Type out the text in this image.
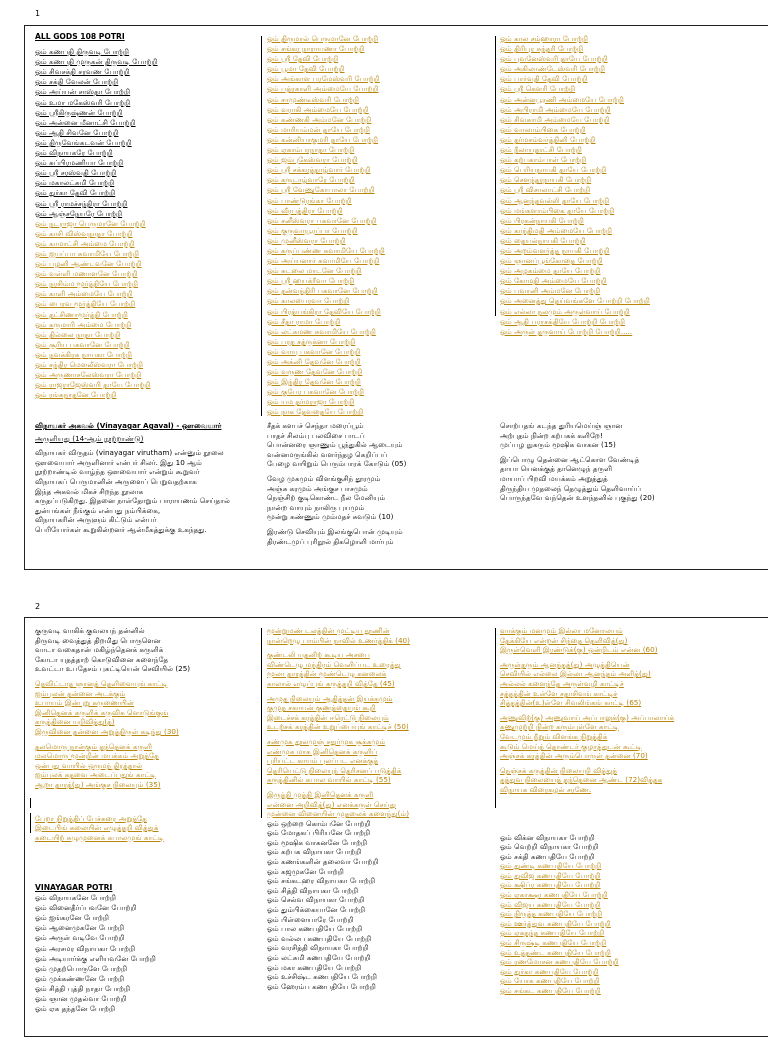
1
ALL GODS 108 POTRI
ஓம் கணபதி திருவடி போற்றி
ஓம் கணபதி முருகன் திருவடி போற்றி
ஓம் சிவசக்தி சரவண போற்றி
ஓம் சக்தி வேலன் போற்றி
ஓம் அய்யன் சாஸ்தா போற்றி
ஓம் உமா மகேஸ்வரி போற்றி
ஓம் ஸ்ரீகிருஷ்ணன் போற்றி
ஓம் அன்னை மீனாட்சி போற்றி
ஓம் ஆதி சிவனே போற்றி
ஓம் திருவேங்கடவன் போற்றி
ஓம் விநாயகரே போற்றி
ஓம் சுப்பிரமணியா போற்றி
ஓம் ஸ்ரீ சரஸ்வதி போற்றி
ஓம் மகாலட்சுமி போற்றி
ஓம் துர்கா தேவி போற்றி
ஓம் ஸ்ரீ ராமச்சந்திரா போற்றி
ஓம் ஆஞ்சநேயரே போற்றி
ஓம் நடராஜா பெருமானே போற்றி
ஓம் காசி விஸ்வநாதா போற்றி
ஓம் காமாட்சி அம்மை போற்றி
ஓம் ஐயப்பா சுவாமியே போற்றி
ஓம் பழனி ஆண்டவனே போற்றி
ஓம் வள்ளி மணாளனே போற்றி
ஓம் நரசிம்ம மூர்த்தியே போற்றி
ஓம் காளி அம்மையே போற்றி
ஓம் பைரவ மூர்த்தியே போற்றி
ஓம் தட்சிணாமூர்த்தி போற்றி
ஓம் கருமாரி அம்மை போற்றி
ஓம் தில்லை நாதா போற்றி
ஓம் சூரிய பகவானே போற்றி
ஓம் நவக்கிரக நாயகா போற்றி
ஓம் சந்திர மௌலீஸ்வரா போற்றி
ஓம் அருணாசலேஸ்வரா போற்றி
ஓம் ராஜராஜேஸ்வரி தாயே போற்றி
ஓம் ரங்கநாதனே போற்றி
ஓம் திருமால் பெருமானே போற்றி
ஓம் சங்கர நாராயணா போற்றி
ஓம் ஸ்ரீ தேவி போற்றி
ஓம் பூமா தேவி போற்றி
ஓம் அங்காள பரமேஸ்வரி போற்றி
ஓம் பத்ரகாளி அம்மையே போற்றி
ஓம் சாமுண்டீஸ்வரி போற்றி
ஓம் வராகி அம்மையே போற்றி
ஓம் கண்ணகி அம்மனே போற்றி
ஓம் மாரியம்மன் தாயே போற்றி
ஓம் கன்னியாகுமரி தாயே போற்றி
ஓம் ஏகாம்பரநாதா போற்றி
ஓம் ஜம்புகேஸ்வரா போற்றி
ஓம் ஸ்ரீ சக்கரத்தாழ்வார் போற்றி
ஓம் கருடாழ்வாரே போற்றி
ஓம் ஸ்ரீ வேணுகோபாலா போற்றி
ஓம் பாண்டுரங்கா போற்றி
ஓம் வீரபத்திரா போற்றி
ஓம் சனீஸ்வரா பகவானே போற்றி
ஓம் குருவாயூரப்பா போற்றி
ஓம் முனீஸ்வரா போற்றி
ஓம் கருப்பண்ண சுவாமியே போற்றி
ஓம் அய்யனார் சுவாமியே போற்றி
ஓம் சுடலை மாடனே போற்றி
ஓம் ஸ்ரீ ஹயக்ரீவா போற்றி
ஓம் தன்வந்திரி பகவானே போற்றி
ஓம் காலபைரவா போற்றி
ஓம் பிரத்யங்கிரா தேவியே போற்றி
ஓம் சீதா ராமா போற்றி
ஓம் லட்சுமண சுவாமியே போற்றி
ஓம் பரத சத்ருக்னா போற்றி
ஓம் வாயு பகவானே போற்றி
ஓம் அக்னி தேவனே போற்றி
ஓம் வருண தேவனே போற்றி
ஓம் இந்திர தேவனே போற்றி
ஓம் குபேர பகவானே போற்றி
ஓம் யம தர்மராஜா போற்றி
ஓம் நாக தேவதையே போற்றி
ஓம் கால சம்ஹாரா போற்றி
ஓம் திரிபுர சுந்தரி போற்றி
ஓம் புவனேஸ்வரி தாயே போற்றி
ஓம் அகிலாண்டேஸ்வரி போற்றி
ஓம் பார்வதி தேவி போற்றி
ஓம் ஸ்ரீ கௌரி போற்றி
ஓம் அன்னபூரணி அம்மையே போற்றி
ஓம் அபிராமி அம்மையே போற்றி
ஓம் சிவகாமி அம்மையே போற்றி
ஓம் வாலாம்பிகை போற்றி
ஓம் தர்மசம்வர்த்தினி போற்றி
ஓம் நீலாயதாட்சி போற்றி
ஓம் கற்பகாம்பாள் போற்றி
ஓம் பெரியநாயகி தாயே போற்றி
ஓம் சௌந்தரநாயகி போற்றி
ஓம் ஸ்ரீ விசாலாட்சி போற்றி
ஓம் ஆனந்தவல்லி தாயே போற்றி
ஓம் மங்களாம்பிகை தாயே போற்றி
ஓம் பிரகன்நாயகி போற்றி
ஓம் காந்திமதி அம்மையே போற்றி
ஓம் தையல்நாயகி போற்றி
ஓம் அறம்வளர்த்த நாயகி போற்றி
ஓம் ஞானப்பூங்கோதை போற்றி
ஓம் அழகம்மை தாயே போற்றி
ஓம் கோமதி அம்மையே போற்றி
ஓம் பவானி அம்மனே போற்றி
ஓம் அனைத்து தெய்வங்களே போற்றி போற்றி
ஓம் எல்லா நலமும் அருள்வாய் போற்றி
ஓம் ஆதி பராசக்தியே போற்றி போற்றி
ஓம் அருள் தருவாய் போற்றி போற்றி.....
விநாயகர் அகவல் (Vinayagar Agaval) - ஔவையார்
அருளியது (14-ஆம் நூற்றாண்டு)
விநாயகர் விருதம் (vinayagar virutham) என்னும் நூலை
ஔவையார் அருளினார் என்பர் சிலர். இது 10 ஆம்
நூற்றாண்டில் வாழ்ந்த ஔவையார் என்றும் கூறுவர்
விநாயகப் பெருமானின் அருளைப் பெறுவதற்காக
இந்த அகவல் மிகச் சிறந்த நூலாக
கருதப்படுகிறது. இதனை நாள்தோறும் பாராயணம் செய்தால்
துன்பங்கள் நீங்கும் என்பது நம்பிக்கை,
விநாயகரின் அருளும் கிட்டும் என்பர்
பெரியோர்கள் கூறுகின்றனர் ஆன்மீகத்துக்கு உகந்தது.
சீதக் களபச் செந்தா மரைப்பூம்
பாதச் சிலம்பு பலவிசை பாடப்
பொன்னரை ஞாணும் பூந்துகில் ஆடையும்
வன்னமருங்கில் வளர்ந்தழ கெறிப்பப்
பேழை வயிறும் பெரும்பாரக் கோடும் (05)
வேழ முகமும் விளங்குசிந் தூரமும்
அஞ்சு கரமும் அங்குச பாசமும்
நெஞ்சிற் குடிகொண்ட நீல மேனியும்
நான்ற வாயும் நாலிரு புயமும்
மூன்று கண்ணும் மும்மதச் சுவடும் (10)
இரண்டு செவியும் இலங்குபொன் முடியும்
திரண்டமுப் புரிநூல் திகழொளி மார்பும்
சொற்பதங் கடந்த துரியமெய்ஞ் ஞான
அற்புதம் நின்ற கற்பகக் களிறே!
முப்பழ நுகரும் மூஷிக வாகன (15)
இப்பொழு தென்னை ஆட்கொள வேண்டித்
தாயா யெனக்குத் தானெழுந் தருளி
மாயாப் பிறவி மயக்கம் அறுத்துத்
திருந்திய முதலைந் தெழுத்தும் தெளிவாய்ப்
பொருந்தவே வந்தென் உளந்தனில் புகுந்து (20)
2
குருவடி வாகிக் குவலயந் தன்னில்
திருவடி வைத்துத் திறமிது பொருளென
வாடா வகைதான் மகிழ்ந்தெனக் கருளிக்
கோடா யுதத்தாற் கொடுவினை களைந்தே
உவட்டா உபதேசம் புகட்டியென் செவியில் (25)
தெவிட்டாத ஞானத் தெளிவையுங் காட்டி
ஐம்புலன் தன்னை அடக்கும்
உபாயம் இன்புறு கருணையின்
இனிதெனக் கருளிக் கருவிக ளொடுங்குங்
கருத்தினை யறிவித்து(த்)
இருவினை தன்னை அறுத்திருள் கடிந்து (30)
தலமொரு நான்கும் தந்தெனக் கருளி
மலமொரு மூன்றின் மயக்கம் அறுத்தே
ஒன்பது வாயில் ஒருமந் திரத்தால்
ஐம்புலக் கதவை அடைப்பதுங் காட்டி
ஆறா தாரத்(து) அங்குச நிலையும் (35)
பேறா நிறுத்திப் பேச்சுரை அறுத்தே
இடைபிங் கலையின் எழுத்தறி வித்துக்
கடையிற் சுழுமுனைக் கபாலமுங் காட்டி
VINAYAGAR POTRI
ஓம் விநாயகனே போற்றி
ஓம் வினைதீர்ப்பவனே போற்றி
ஓம் ஐங்கரனே போற்றி
ஓம் ஆனைமுகனே போற்றி
ஓம் அருள் வடிவே போற்றி
ஓம் அரசமர விநாயகா போற்றி
ஓம் அடியார்க்கு எளியவனே போற்றி
ஓம் முதற்பொருளே போற்றி
ஓம் முக்கண்ணனே போற்றி
ஓம் சித்தி புத்தி நாதா போற்றி
ஓம் ஞான முதல்வா போற்றி
ஓம் ஏக தந்தனே போற்றி
மூன்றுமண் டலத்தின் முட்டிய தூணின்
நான்றெழு பாம்பின் நாவில் உணர்த்திக் (40)
குண்டலி யதனிற் கூடிய அசபை
விண்டெழு மந்திரம் வெளிப்பட உரைத்து
மூலா தாரத்தின் மூண்டெழு கனலைக்
காலால் எழுப்புங் கருத்தறி வித்தே (45)
அமுத நிலையும் ஆதித்தன் இயக்கமும்
குமுத சகாயன் குணத்தையுங் கூறி
இடைச்சக் கரத்தின் ஈரெட்டு நிலையும்
உடற்சக் கரத்தின் உறுப்பையுங் காட்டிச் (50)
சண்முக தூலமுஞ் சதுர்முக சூக்கமும்
எண்முக மாக இனிதெனக் கருளிப்
புரியட்ட காயம் புலப்பட எனக்குத்
தெரியெட்டு நிலையுந் தெரிசனப் படுத்திக்
கருத்தினில் கபால வாயில் காட்டி (55)
இருத்தி முத்தி இனிதெனக் கருளி
என்னை அறிவித்(து) எனக்கருள் செய்து
முன்னை வினையின் முதலைக் களைந்து(ம்)
ஓம் ஒற்றை கொம்பனே போற்றி
ஓம் மோதகப் பிரியனே போற்றி
ஓம் மூஷிக வாகனனே போற்றி
ஓம் கற்பக விநாயகா போற்றி
ஓம் கணங்களின் தலைவா போற்றி
ஓம் கஜமுகனே போற்றி
ஓம் சங்கடஹர விநாயகா போற்றி
ஓம் சித்தி விநாயகா போற்றி
ஓம் செல்வ விநாயகா போற்றி
ஓம் தும்பிக்கையானே போற்றி
ஓம் பிள்ளையாரே போற்றி
ஓம் பால கணபதியே போற்றி
ஓம் வல்லப கணபதியே போற்றி
ஓம் வரசித்தி விநாயகா போற்றி
ஓம் லட்சுமி கணபதியே போற்றி
ஓம் மகா கணபதியே போற்றி
ஓம் உச்சிஷ்ட கணபதியே போற்றி
ஓம் ஹேரம்ப கணபதியே போற்றி
வாக்கும் மனமும் இல்லா மனோலயம்
தேக்கியே என்றன் சிந்தை தெளிவித்(து)
இருள்வெளி இரண்டுக்(கு) ஒன்றிடம் என்ன (60)
அருள்தரும் ஆனந்தத்(து) அழுத்தியென்
செவியில் எல்லை இல்லா ஆனந்தம் அளித்(து)
அல்லல் களைந்தே அருள்வழி காட்டிச்
சத்தத்தின் உள்ளே சதாசிவங் காட்டிச்
சித்தத்தின்(உ)ள்ளே சிவலிங்கங் காட்டி (65)
அணுவிற்(கு) அணுவாய் அப்பாலுக்(கு) அப்பாலாய்க்
கணுமுற்றி நின்ற கரும்புள்ளே காட்டி
வேடமும் நீறும் விளங்க நிறுத்திக்
கூடும் மெய்த் தொண்டர் குழாத்துடன் கூட்டி
அஞ்சக் கரத்தின் அரும்பொருள் தன்னை (70)
நெஞ்சக் கருத்தின் நிலையறி வித்துத்
தத்துவ நிலையைத் தந்தெனை ஆண்ட (72)வித்தக
விநாயக விரைகழல் சரணே.
ஓம் விக்ன விநாயகா போற்றி
ஓம் வெற்றி விநாயகா போற்றி
ஓம் சக்தி கணபதியே போற்றி
ஓம் துண்டி கணபதியே போற்றி
ஓம் துவிஜ கணபதியே போற்றி
ஓம் க்ஷிப்ர கணபதியே போற்றி
ஓம் ஏகாக்ஷர கணபதியே போற்றி
ஓம் விஜய கணபதியே போற்றி
ஓம் நிருத்த கணபதியே போற்றி
ஓம் ஊர்த்துவ கணபதியே போற்றி
ஓம் ஏகதந்த கணபதியே போற்றி
ஓம் சிருஷ்டி கணபதியே போற்றி
ஓம் உத்தண்ட கணபதியே போற்றி
ஓம் ரணமோசன கணபதியே போற்றி
ஓம் துர்கா கணபதியே போற்றி
ஓம் யோக கணபதியே போற்றி
ஓம் சங்கட கணபதியே போற்றி
